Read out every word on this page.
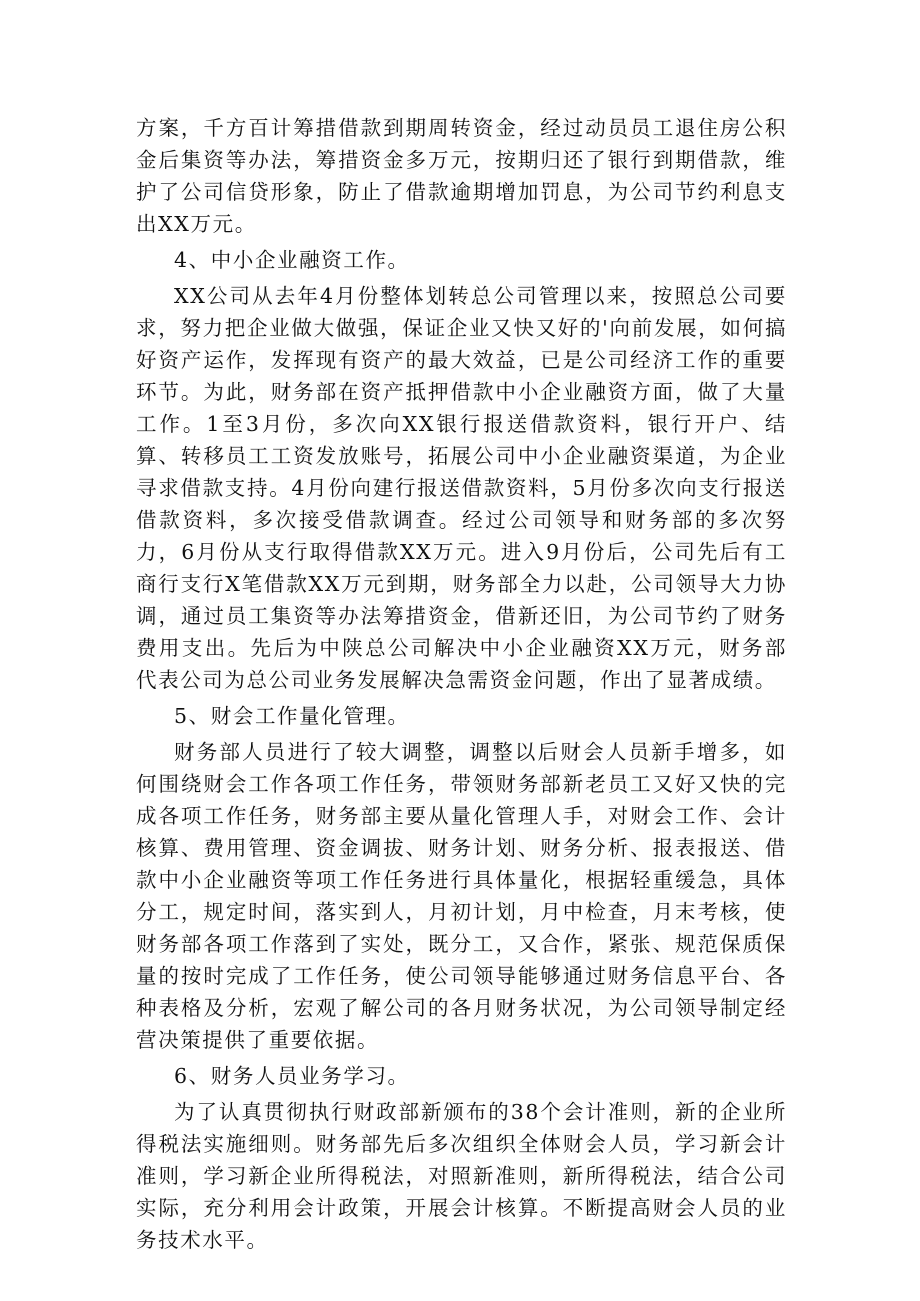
方案，千方百计筹措借款到期周转资金，经过动员员工退住房公积金后集资等办法，筹措资金多万元，按期归还了银行到期借款，维护了公司信贷形象，防止了借款逾期增加罚息，为公司节约利息支出XX万元。

4、中小企业融资工作。

XX公司从去年4月份整体划转总公司管理以来，按照总公司要求，努力把企业做大做强，保证企业又快又好的'向前发展，如何搞好资产运作，发挥现有资产的最大效益，已是公司经济工作的重要环节。为此，财务部在资产抵押借款中小企业融资方面，做了大量工作。1至3月份，多次向XX银行报送借款资料，银行开户、结算、转移员工工资发放账号，拓展公司中小企业融资渠道，为企业寻求借款支持。4月份向建行报送借款资料，5月份多次向支行报送借款资料，多次接受借款调查。经过公司领导和财务部的多次努力，6月份从支行取得借款XX万元。进入9月份后，公司先后有工商行支行X笔借款XX万元到期，财务部全力以赴，公司领导大力协调，通过员工集资等办法筹措资金，借新还旧，为公司节约了财务费用支出。先后为中陕总公司解决中小企业融资XX万元，财务部代表公司为总公司业务发展解决急需资金问题，作出了显著成绩。

5、财会工作量化管理。

财务部人员进行了较大调整，调整以后财会人员新手增多，如何围绕财会工作各项工作任务，带领财务部新老员工又好又快的完成各项工作任务，财务部主要从量化管理人手，对财会工作、会计核算、费用管理、资金调拔、财务计划、财务分析、报表报送、借款中小企业融资等项工作任务进行具体量化，根据轻重缓急，具体分工，规定时间，落实到人，月初计划，月中检查，月末考核，使财务部各项工作落到了实处，既分工，又合作，紧张、规范保质保量的按时完成了工作任务，使公司领导能够通过财务信息平台、各种表格及分析，宏观了解公司的各月财务状况，为公司领导制定经营决策提供了重要依据。

6、财务人员业务学习。

为了认真贯彻执行财政部新颁布的38个会计准则，新的企业所得税法实施细则。财务部先后多次组织全体财会人员，学习新会计准则，学习新企业所得税法，对照新准则，新所得税法，结合公司实际，充分利用会计政策，开展会计核算。不断提高财会人员的业务技术水平。
